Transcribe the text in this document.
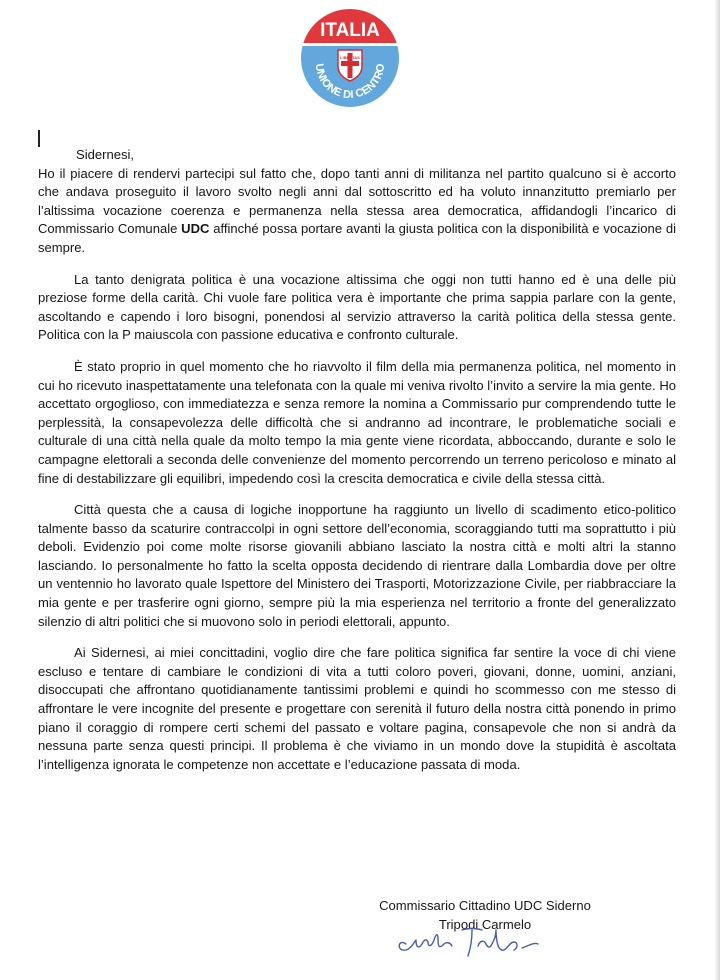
ITALIA
UNIONE DI CENTRO
LIBERTAS

Sidernesi,

Ho il piacere di rendervi partecipi sul fatto che, dopo tanti anni di militanza nel partito qualcuno si è accorto che andava proseguito il lavoro svolto negli anni dal sottoscritto ed ha voluto innanzitutto premiarlo per l’altissima vocazione coerenza e permanenza nella stessa area democratica, affidandogli l’incarico di Commissario Comunale UDC affinché possa portare avanti la giusta politica con la disponibilità e vocazione di sempre.

La tanto denigrata politica è una vocazione altissima che oggi non tutti hanno ed è una delle più preziose forme della carità. Chi vuole fare politica vera è importante che prima sappia parlare con la gente, ascoltando e capendo i loro bisogni, ponendosi al servizio attraverso la carità politica della stessa gente. Politica con la P maiuscola con passione educativa e confronto culturale.

È stato proprio in quel momento che ho riavvolto il film della mia permanenza politica, nel momento in cui ho ricevuto inaspettatamente una telefonata con la quale mi veniva rivolto l’invito a servire la mia gente. Ho accettato orgoglioso, con immediatezza e senza remore la nomina a Commissario pur comprendendo tutte le perplessità, la consapevolezza delle difficoltà che si andranno ad incontrare, le problematiche sociali e culturale di una città nella quale da molto tempo la mia gente viene ricordata, abboccando, durante e solo le campagne elettorali a seconda delle convenienze del momento percorrendo un terreno pericoloso e minato al fine di destabilizzare gli equilibri, impedendo così la crescita democratica e civile della stessa città.

Città questa che a causa di logiche inopportune ha raggiunto un livello di scadimento etico-politico talmente basso da scaturire contraccolpi in ogni settore dell’economia, scoraggiando tutti ma soprattutto i più deboli. Evidenzio poi come molte risorse giovanili abbiano lasciato la nostra città e molti altri la stanno lasciando. Io personalmente ho fatto la scelta opposta decidendo di rientrare dalla Lombardia dove per oltre un ventennio ho lavorato quale Ispettore del Ministero dei Trasporti, Motorizzazione Civile, per riabbracciare la mia gente e per trasferire ogni giorno, sempre più la mia esperienza nel territorio a fronte del generalizzato silenzio di altri politici che si muovono solo in periodi elettorali, appunto.

Ai Sidernesi, ai miei concittadini, voglio dire che fare politica significa far sentire la voce di chi viene escluso e tentare di cambiare le condizioni di vita a tutti coloro poveri, giovani, donne, uomini, anziani, disoccupati che affrontano quotidianamente tantissimi problemi e quindi ho scommesso con me stesso di affrontare le vere incognite del presente e progettare con serenità il futuro della nostra città ponendo in primo piano il coraggio di rompere certi schemi del passato e voltare pagina, consapevole che non si andrà da nessuna parte senza questi principi. Il problema è che viviamo in un mondo dove la stupidità è ascoltata l’intelligenza ignorata le competenze non accettate e l’educazione passata di moda.

Commissario Cittadino UDC Siderno
Tripodi Carmelo
